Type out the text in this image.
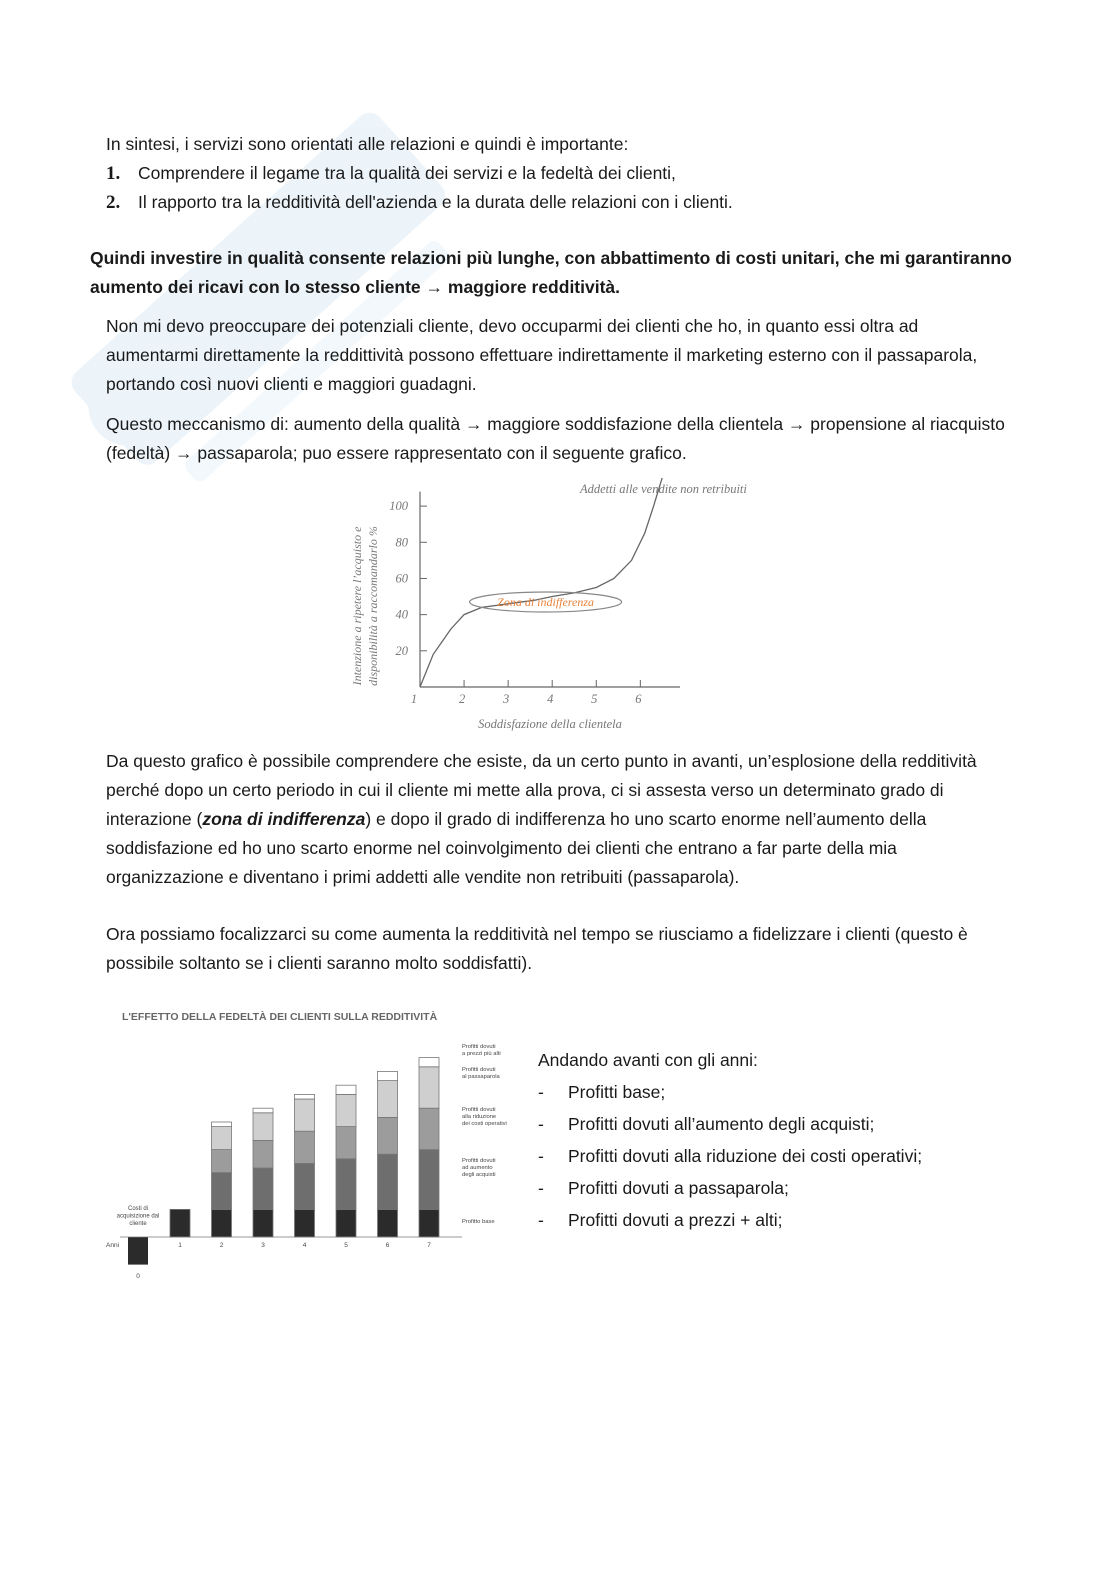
In sintesi, i servizi sono orientati alle relazioni e quindi è importante:
1. Comprendere il legame tra la qualità dei servizi e la fedeltà dei clienti,
2. Il rapporto tra la redditività dell'azienda e la durata delle relazioni con i clienti.
Quindi investire in qualità consente relazioni più lunghe, con abbattimento di costi unitari, che mi garantiranno aumento dei ricavi con lo stesso cliente → maggiore redditività.
Non mi devo preoccupare dei potenziali cliente, devo occuparmi dei clienti che ho, in quanto essi oltra ad aumentarmi direttamente la reddittività possono effettuare indirettamente il marketing esterno con il passaparola, portando così nuovi clienti e maggiori guadagni.
Questo meccanismo di: aumento della qualità → maggiore soddisfazione della clientela → propensione al riacquisto (fedeltà) → passaparola; puo essere rappresentato con il seguente grafico.
1	2	3	4	5	6
20
40
60
80
100
Zona di indifferenza
Addetti alle vendite non retribuiti
Soddisfazione della clientela
Intenzione a ripetere l’acquisto e disponibilità a raccomandarlo %
Da questo grafico è possibile comprendere che esiste, da un certo punto in avanti, un’esplosione della redditività perché dopo un certo periodo in cui il cliente mi mette alla prova, ci si assesta verso un determinato grado di interazione (zona di indifferenza) e dopo il grado di indifferenza ho uno scarto enorme nell’aumento della soddisfazione ed ho uno scarto enorme nel coinvolgimento dei clienti che entrano a far parte della mia organizzazione e diventano i primi addetti alle vendite non retribuiti (passaparola).
Ora possiamo focalizzarci su come aumenta la redditività nel tempo se riusciamo a fidelizzare i clienti (questo è possibile soltanto se i clienti saranno molto soddisfatti).
L'EFFETTO DELLA FEDELTÀ DEI CLIENTI SULLA REDDITIVITÀ
0
1	2	3	4	5	6	7
Profitti dovuti
a prezzi più alti
Profitti dovuti
al passaparola
Profitti dovuti
alla riduzione
dei costi operativi
Profitti dovuti
ad aumento
degli acquisti
Profitto base
Anni
Costi di
acquisizione dal
cliente
Andando avanti con gli anni:
- Profitti base;
- Profitti dovuti all’aumento degli acquisti;
- Profitti dovuti alla riduzione dei costi operativi;
- Profitti dovuti a passaparola;
- Profitti dovuti a prezzi + alti;
